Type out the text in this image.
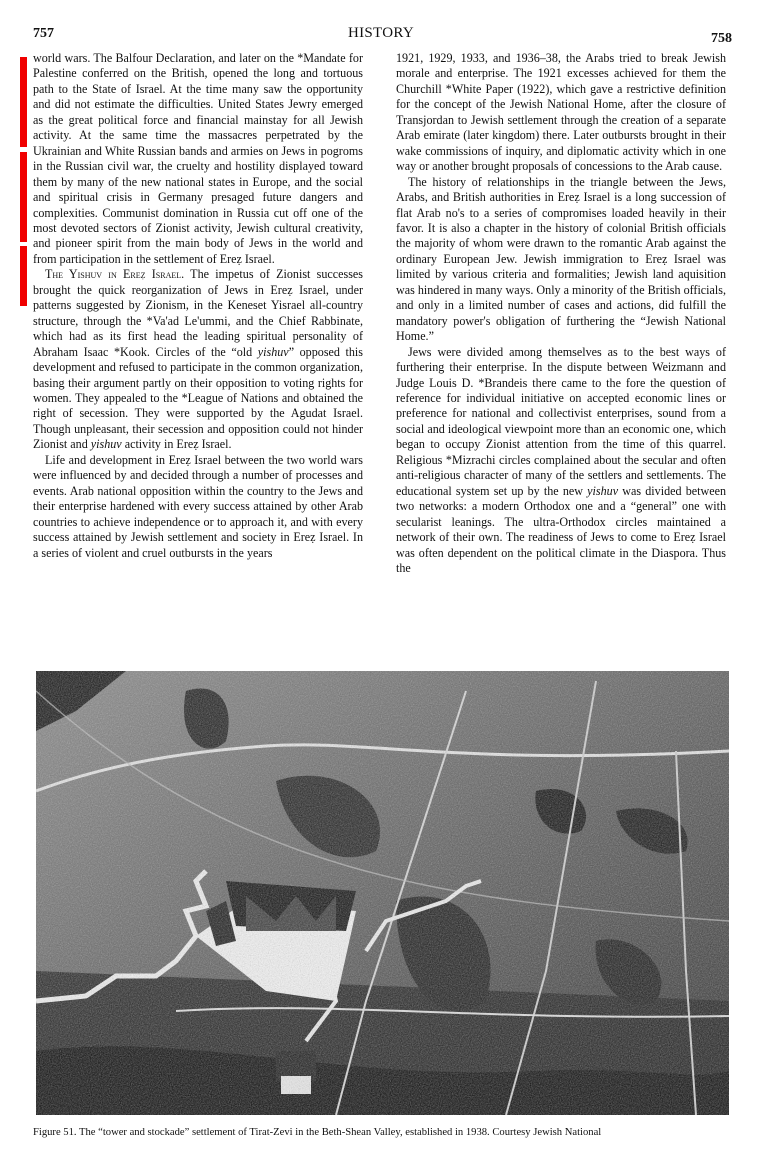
757	HISTORY	758

world wars. The Balfour Declaration, and later on the *Mandate for Palestine conferred on the British, opened the long and tortuous path to the State of Israel. At the time many saw the opportunity and did not estimate the difficulties. United States Jewry emerged as the great political force and financial mainstay for all Jewish activity. At the same time the massacres perpetrated by the Ukrainian and White Russian bands and armies on Jews in pogroms in the Russian civil war, the cruelty and hostility displayed toward them by many of the new national states in Europe, and the social and spiritual crisis in Germany presaged future dangers and complexities. Communist domination in Russia cut off one of the most devoted sectors of Zionist activity, Jewish cultural creativity, and pioneer spirit from the main body of Jews in the world and from participation in the settlement of Ereẓ Israel.

The Yishuv in Ereẓ Israel. The impetus of Zionist successes brought the quick reorganization of Jews in Ereẓ Israel, under patterns suggested by Zionism, in the Keneset Yisrael all-country structure, through the *Va'ad Le'ummi, and the Chief Rabbinate, which had as its first head the leading spiritual personality of Abraham Isaac *Kook. Circles of the “old yishuv” opposed this development and refused to participate in the common organization, basing their argument partly on their opposition to voting rights for women. They appealed to the *League of Nations and obtained the right of secession. They were supported by the Agudat Israel. Though unpleasant, their secession and opposition could not hinder Zionist and yishuv activity in Ereẓ Israel.

Life and development in Ereẓ Israel between the two world wars were influenced by and decided through a number of processes and events. Arab national opposition within the country to the Jews and their enterprise hardened with every success attained by other Arab countries to achieve independence or to approach it, and with every success attained by Jewish settlement and society in Ereẓ Israel. In a series of violent and cruel outbursts in the years

1921, 1929, 1933, and 1936–38, the Arabs tried to break Jewish morale and enterprise. The 1921 excesses achieved for them the Churchill *White Paper (1922), which gave a restrictive definition for the concept of the Jewish National Home, after the closure of Transjordan to Jewish settlement through the creation of a separate Arab emirate (later kingdom) there. Later outbursts brought in their wake commissions of inquiry, and diplomatic activity which in one way or another brought proposals of concessions to the Arab cause.

The history of relationships in the triangle between the Jews, Arabs, and British authorities in Ereẓ Israel is a long succession of flat Arab no's to a series of compromises loaded heavily in their favor. It is also a chapter in the history of colonial British officials the majority of whom were drawn to the romantic Arab against the ordinary European Jew. Jewish immigration to Ereẓ Israel was limited by various criteria and formalities; Jewish land aquisition was hindered in many ways. Only a minority of the British officials, and only in a limited number of cases and actions, did fulfill the mandatory power's obligation of furthering the “Jewish National Home.”

Jews were divided among themselves as to the best ways of furthering their enterprise. In the dispute between Weizmann and Judge Louis D. *Brandeis there came to the fore the question of reference for individual initiative on accepted economic lines or preference for national and collectivist enterprises, sound from a social and ideological viewpoint more than an economic one, which began to occupy Zionist attention from the time of this quarrel. Religious *Mizrachi circles complained about the secular and often anti-religious character of many of the settlers and settlements. The educational system set up by the new yishuv was divided between two networks: a modern Orthodox one and a “general” one with secularist leanings. The ultra-Orthodox circles maintained a network of their own. The readiness of Jews to come to Ereẓ Israel was often dependent on the political climate in the Diaspora. Thus the

Figure 51. The “tower and stockade” settlement of Tirat-Zevi in the Beth-Shean Valley, established in 1938. Courtesy Jewish National
